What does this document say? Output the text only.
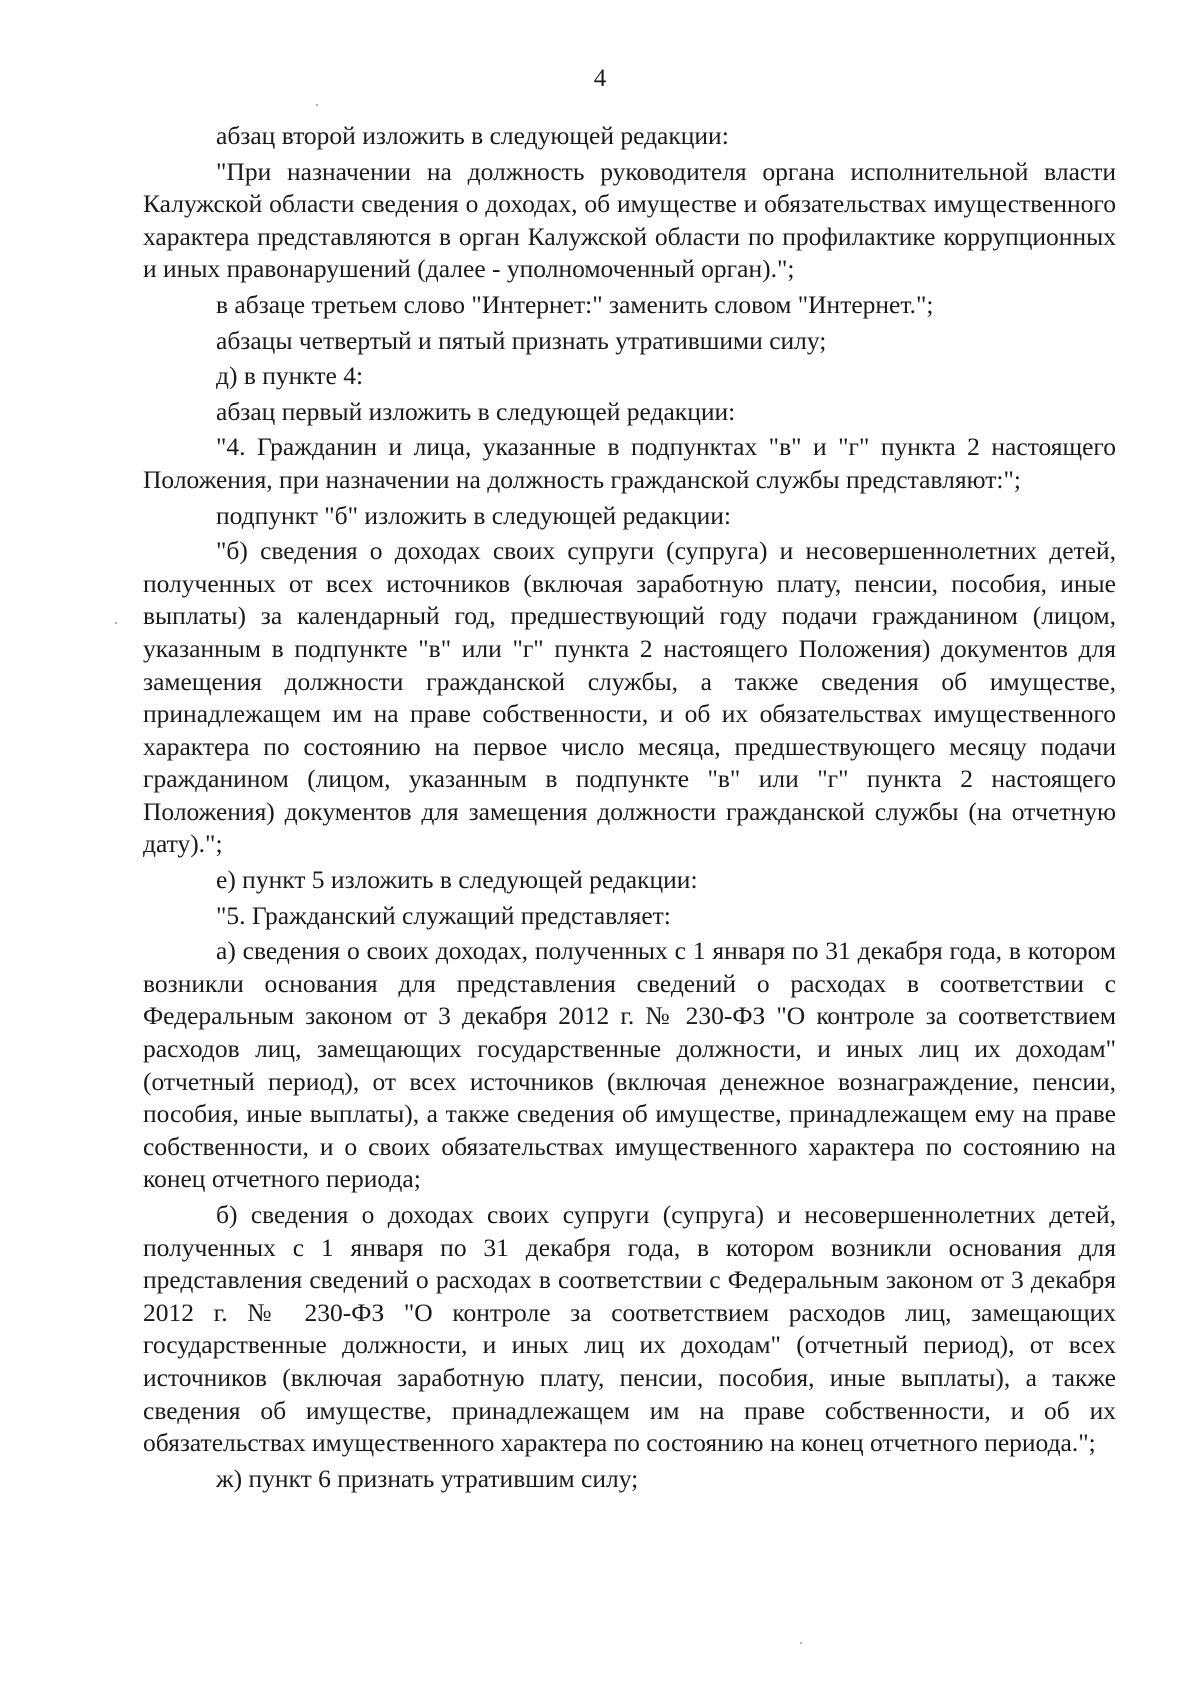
4

абзац второй изложить в следующей редакции:

"При назначении на должность руководителя органа исполнительной власти Калужской области сведения о доходах, об имуществе и обязательствах имущественного характера представляются в орган Калужской области по профилактике коррупционных и иных правонарушений (далее - уполномоченный орган).";

в абзаце третьем слово "Интернет:" заменить словом "Интернет.";

абзацы четвертый и пятый признать утратившими силу;

д) в пункте 4:

абзац первый изложить в следующей редакции:

"4. Гражданин и лица, указанные в подпунктах "в" и "г" пункта 2 настоящего Положения, при назначении на должность гражданской службы представляют:";

подпункт "б" изложить в следующей редакции:

"б) сведения о доходах своих супруги (супруга) и несовершеннолетних детей, полученных от всех источников (включая заработную плату, пенсии, пособия, иные выплаты) за календарный год, предшествующий году подачи гражданином (лицом, указанным в подпункте "в" или "г" пункта 2 настоящего Положения) документов для замещения должности гражданской службы, а также сведения об имуществе, принадлежащем им на праве собственности, и об их обязательствах имущественного характера по состоянию на первое число месяца, предшествующего месяцу подачи гражданином (лицом, указанным в подпункте "в" или "г" пункта 2 настоящего Положения) документов для замещения должности гражданской службы (на отчетную дату).";

е) пункт 5 изложить в следующей редакции:

"5. Гражданский служащий представляет:

а) сведения о своих доходах, полученных с 1 января по 31 декабря года, в котором возникли основания для представления сведений о расходах в соответствии с Федеральным законом от 3 декабря 2012 г. № 230-ФЗ "О контроле за соответствием расходов лиц, замещающих государственные должности, и иных лиц их доходам" (отчетный период), от всех источников (включая денежное вознаграждение, пенсии, пособия, иные выплаты), а также сведения об имуществе, принадлежащем ему на праве собственности, и о своих обязательствах имущественного характера по состоянию на конец отчетного периода;

б) сведения о доходах своих супруги (супруга) и несовершеннолетних детей, полученных с 1 января по 31 декабря года, в котором возникли основания для представления сведений о расходах в соответствии с Федеральным законом от 3 декабря 2012 г. № 230-ФЗ "О контроле за соответствием расходов лиц, замещающих государственные должности, и иных лиц их доходам" (отчетный период), от всех источников (включая заработную плату, пенсии, пособия, иные выплаты), а также сведения об имуществе, принадлежащем им на праве собственности, и об их обязательствах имущественного характера по состоянию на конец отчетного периода.";

ж) пункт 6 признать утратившим силу;
